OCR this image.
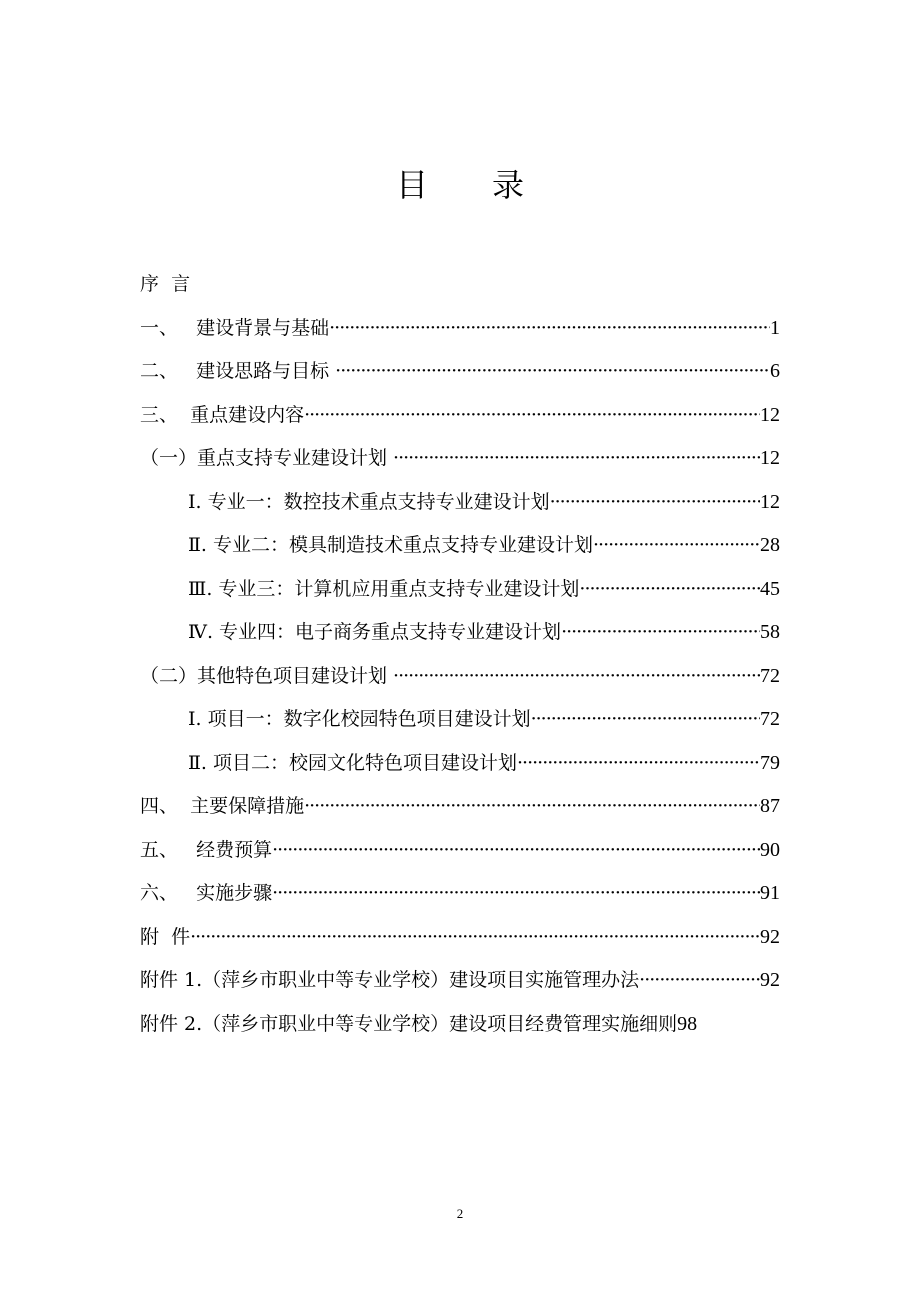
目 录
序  言
一、   建设背景与基础 ·····	1
二、   建设思路与目标 ·····	6
三、  重点建设内容 ·····	12
（一）重点支持专业建设计划 ·····	12
Ⅰ. 专业一：数控技术重点支持专业建设计划 ·····	12
Ⅱ. 专业二：模具制造技术重点支持专业建设计划 ·····	28
Ⅲ. 专业三：计算机应用重点支持专业建设计划 ·····	45
Ⅳ. 专业四：电子商务重点支持专业建设计划 ·····	58
（二）其他特色项目建设计划 ·····	72
Ⅰ. 项目一：数字化校园特色项目建设计划 ·····	72
Ⅱ. 项目二：校园文化特色项目建设计划 ·····	79
四、  主要保障措施 ·····	87
五、   经费预算 ·····	90
六、   实施步骤 ·····	91
附  件 ·····	92
附件 1.（萍乡市职业中等专业学校）建设项目实施管理办法 ·····	92
附件 2.（萍乡市职业中等专业学校）建设项目经费管理实施细则 98
2
